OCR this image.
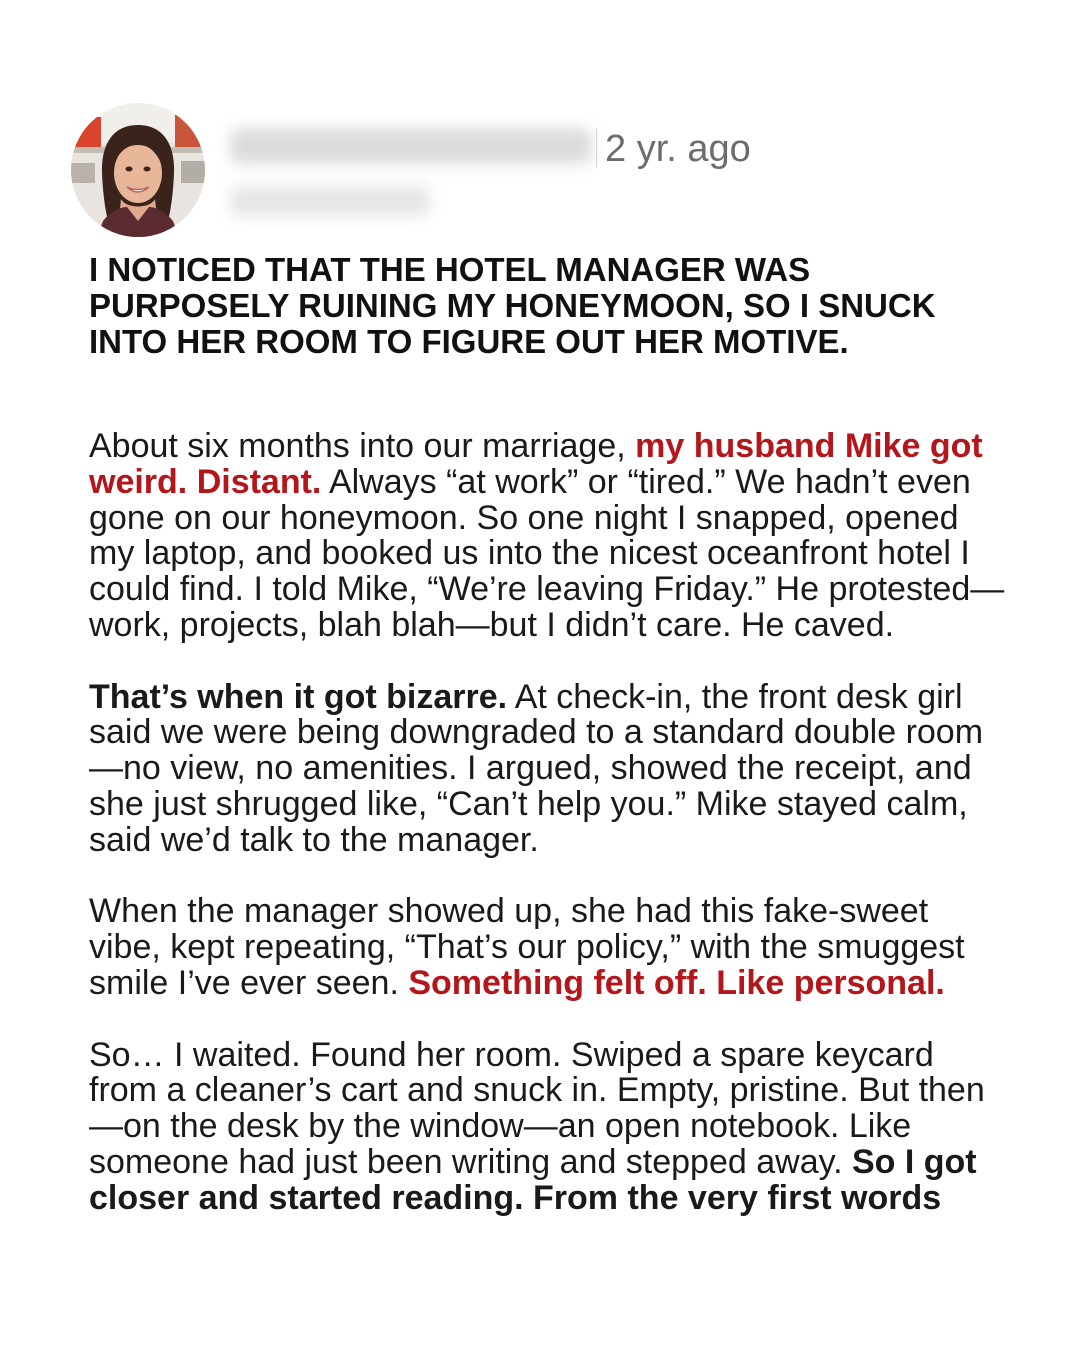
2 yr. ago
I NOTICED THAT THE HOTEL MANAGER WAS PURPOSELY RUINING MY HONEYMOON, SO I SNUCK INTO HER ROOM TO FIGURE OUT HER MOTIVE.

About six months into our marriage, my husband Mike got weird. Distant. Always “at work” or “tired.” We hadn’t even gone on our honeymoon. So one night I snapped, opened my laptop, and booked us into the nicest oceanfront hotel I could find. I told Mike, “We’re leaving Friday.” He protested—work, projects, blah blah—but I didn’t care. He caved.

That’s when it got bizarre. At check-in, the front desk girl said we were being downgraded to a standard double room—no view, no amenities. I argued, showed the receipt, and she just shrugged like, “Can’t help you.” Mike stayed calm, said we’d talk to the manager.

When the manager showed up, she had this fake-sweet vibe, kept repeating, “That’s our policy,” with the smuggest smile I’ve ever seen. Something felt off. Like personal.

So… I waited. Found her room. Swiped a spare keycard from a cleaner’s cart and snuck in. Empty, pristine. But then—on the desk by the window—an open notebook. Like someone had just been writing and stepped away. So I got closer and started reading. From the very first words
